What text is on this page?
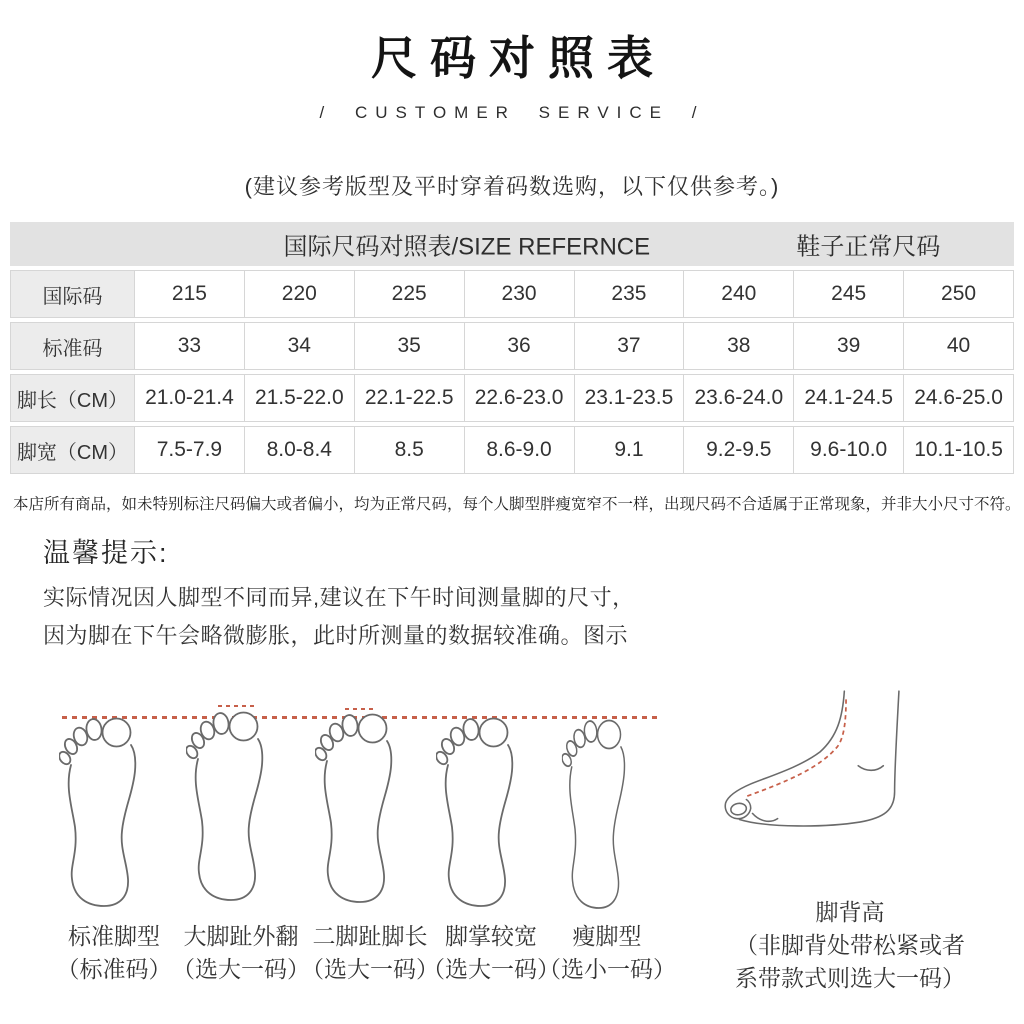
尺码对照表
/ CUSTOMER SERVICE /
(建议参考版型及平时穿着码数选购，以下仅供参考。)
国际尺码对照表/SIZE REFERNCE	鞋子正常尺码
国际码	215	220	225	230	235	240	245	250
标准码	33	34	35	36	37	38	39	40
脚长（CM） 21.0-21.4	21.5-22.0	22.1-22.5	22.6-23.0	23.1-23.5	23.6-24.0	24.1-24.5	24.6-25.0
脚宽（CM）	7.5-7.9	8.0-8.4	8.5	8.6-9.0	9.1	9.2-9.5	9.6-10.0	10.1-10.5
本店所有商品，如未特别标注尺码偏大或者偏小，均为正常尺码，每个人脚型胖瘦宽窄不一样，出现尺码不合适属于正常现象，并非大小尺寸不符。
温馨提示:
实际情况因人脚型不同而异,建议在下午时间测量脚的尺寸，
因为脚在下午会略微膨胀，此时所测量的数据较准确。图示
标准脚型
（标准码）
大脚趾外翻
（选大一码）
二脚趾脚长
（选大一码）
脚掌较宽
（选大一码）
瘦脚型
（选小一码）
脚背高
（非脚背处带松紧或者
系带款式则选大一码）
